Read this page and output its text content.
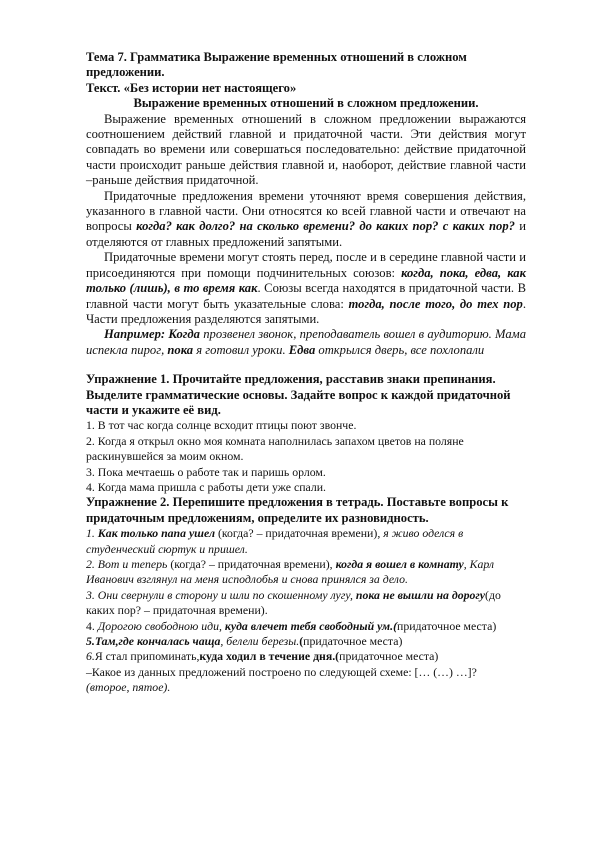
Тема 7. Грамматика Выражение временных отношений в сложном предложении.

Текст. «Без истории нет настоящего»

Выражение временных отношений в сложном предложении.

Выражение временных отношений в сложном предложении выражаются соотношением действий главной и придаточной части. Эти действия могут совпадать во времени или совершаться последовательно: действие придаточной части происходит раньше действия главной и, наоборот, действие главной части –раньше действия придаточной.

Придаточные предложения времени уточняют время совершения действия, указанного в главной части. Они относятся ко всей главной части и отвечают на вопросы когда? как долго? на сколько времени? до каких пор? с каких пор? и отделяются от главных предложений запятыми.

Придаточные времени могут стоять перед, после и в середине главной части и присоединяются при помощи подчинительных союзов: когда, пока, едва, как только (лишь), в то время как. Союзы всегда находятся в придаточной части. В главной части могут быть указательные слова: тогда, после того, до тех пор. Части предложения разделяются запятыми.

Например: Когда прозвенел звонок, преподаватель вошел в аудиторию. Мама испекла пирог, пока я готовил уроки. Едва открылся дверь, все похлопали

Упражнение 1. Прочитайте предложения, расставив знаки препинания. Выделите грамматические основы. Задайте вопрос к каждой придаточной части и укажите её вид.

1. В тот час когда солнце всходит птицы поют звонче.

2. Когда я открыл окно моя комната наполнилась запахом цветов на поляне раскинувшейся за моим окном.

3. Пока мечтаешь о работе так и паришь орлом.

4. Когда мама пришла с работы дети уже спали.

Упражнение 2. Перепишите предложения в тетрадь. Поставьте вопросы к придаточным предложениям, определите их разновидность.

1. Как только папа ушел (когда? – придаточная времени), я живо оделся в студенческий сюртук и пришел.

2. Вот и теперь (когда? – придаточная времени), когда я вошел в комнату, Карл Иванович взглянул на меня исподлобья и снова принялся за дело.

3. Они свернули в сторону и шли по скошенному лугу, пока не вышли на дорогу(до каких пор? – придаточная времени).

4. Дорогою свободною иди, куда влечет тебя свободный ум.(придаточное места)

5.Там,где кончалась чаща, белели березы.(придаточное места)

6.Я стал припоминать,куда ходил в течение дня.(придаточное места)

–Какое из данных предложений построено по следующей схеме: [… (…) …]?

(второе, пятое).
